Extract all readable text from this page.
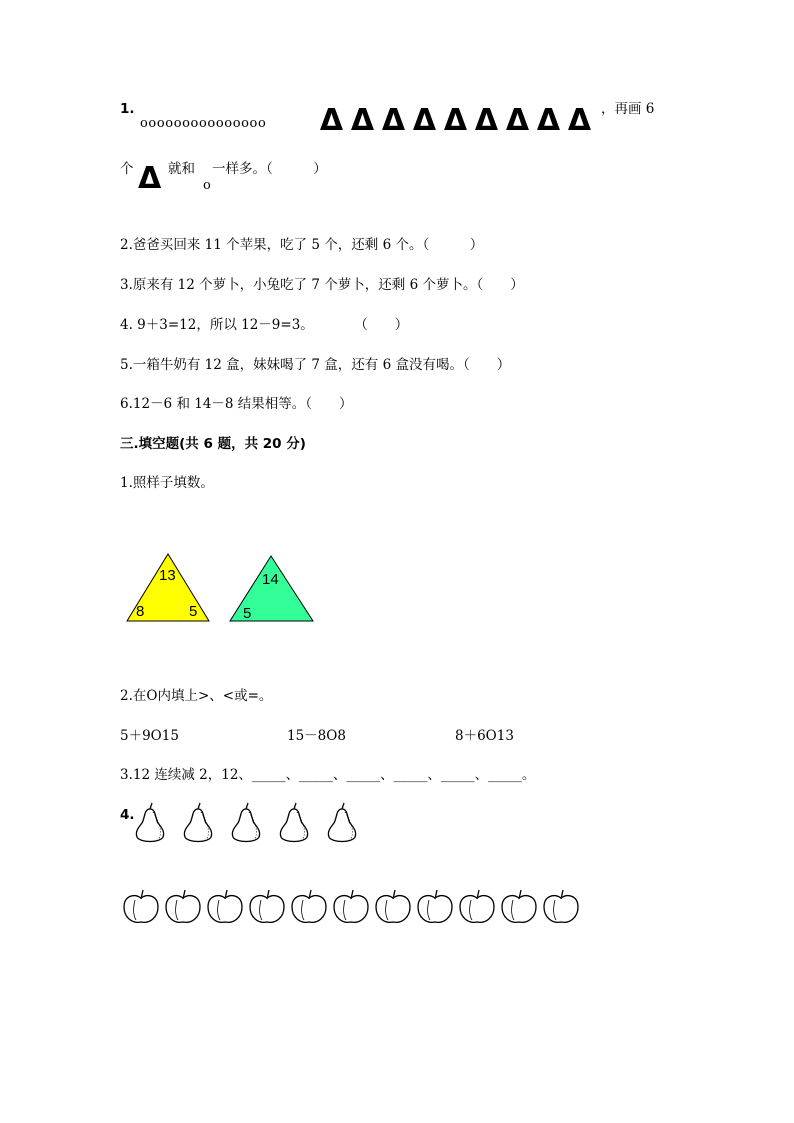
1.
ooooooooooooooo Δ Δ Δ Δ Δ Δ Δ Δ Δ ，再画 6
个 Δ 就和
o
一样多。（　　　）
2.爸爸买回来 11 个苹果，吃了 5 个，还剩 6 个。（　　　）
3.原来有 12 个萝卜，小兔吃了 7 个萝卜，还剩 6 个萝卜。（　　）
4. 9＋3=12，所以 12－9=3。　　　　（　　）
5.一箱牛奶有 12 盒，妹妹喝了 7 盒，还有 6 盒没有喝。（　　）
6.12－6 和 14－8 结果相等。（　　）
三.填空题(共 6 题，共 20 分)
1.照样子填数。
13
8	5
14
5
2.在O内填上>、<或=。
5＋9O15	15－8O8	8＋6O13
3.12 连续减 2，12、_____、_____、_____、_____、_____、_____。
4.
